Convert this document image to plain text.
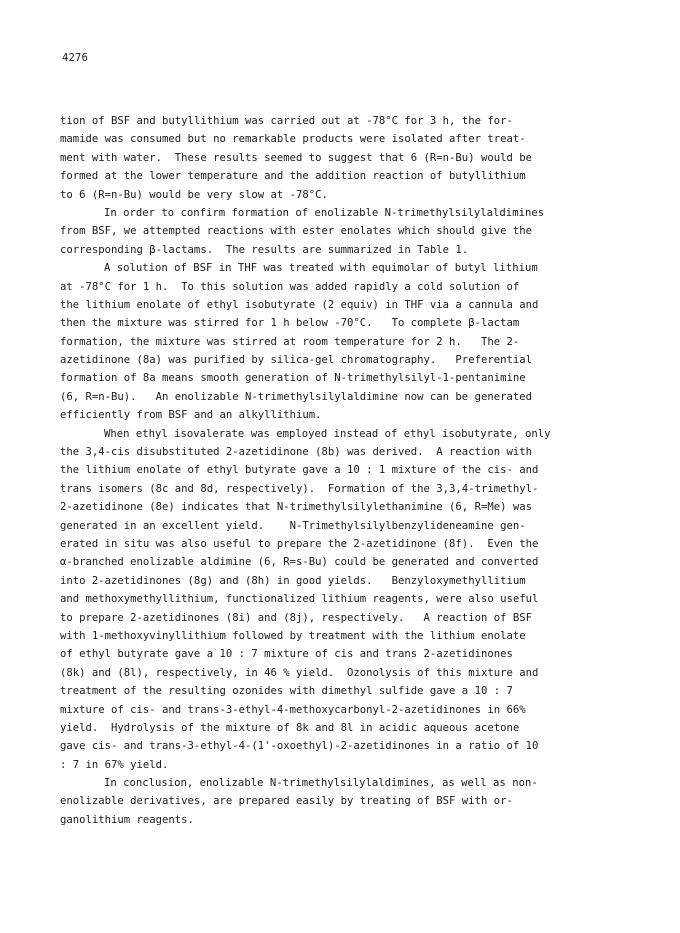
4276
tion of BSF and butyllithium was carried out at -78°C for 3 h, the for-
mamide was consumed but no remarkable products were isolated after treat-
ment with water.  These results seemed to suggest that 6 (R=n-Bu) would be
formed at the lower temperature and the addition reaction of butyllithium
to 6 (R=n-Bu) would be very slow at -78°C.
In order to confirm formation of enolizable N-trimethylsilylaldimines
from BSF, we attempted reactions with ester enolates which should give the
corresponding β-lactams.  The results are summarized in Table 1.
A solution of BSF in THF was treated with equimolar of butyl lithium
at -78°C for 1 h.  To this solution was added rapidly a cold solution of
the lithium enolate of ethyl isobutyrate (2 equiv) in THF via a cannula and
then the mixture was stirred for 1 h below -70°C.   To complete β-lactam
formation, the mixture was stirred at room temperature for 2 h.   The 2-
azetidinone (8a) was purified by silica-gel chromatography.   Preferential
formation of 8a means smooth generation of N-trimethylsilyl-1-pentanimine
(6, R=n-Bu).   An enolizable N-trimethylsilylaldimine now can be generated
efficiently from BSF and an alkyllithium.
When ethyl isovalerate was employed instead of ethyl isobutyrate, only
the 3,4-cis disubstituted 2-azetidinone (8b) was derived.  A reaction with
the lithium enolate of ethyl butyrate gave a 10 : 1 mixture of the cis- and
trans isomers (8c and 8d, respectively).  Formation of the 3,3,4-trimethyl-
2-azetidinone (8e) indicates that N-trimethylsilylethanimine (6, R=Me) was
generated in an excellent yield.    N-Trimethylsilylbenzylideneamine gen-
erated in situ was also useful to prepare the 2-azetidinone (8f).  Even the
α-branched enolizable aldimine (6, R=s-Bu) could be generated and converted
into 2-azetidinones (8g) and (8h) in good yields.   Benzyloxymethyllitium
and methoxymethyllithium, functionalized lithium reagents, were also useful
to prepare 2-azetidinones (8i) and (8j), respectively.   A reaction of BSF
with 1-methoxyvinyllithium followed by treatment with the lithium enolate
of ethyl butyrate gave a 10 : 7 mixture of cis and trans 2-azetidinones
(8k) and (8l), respectively, in 46 % yield.  Ozonolysis of this mixture and
treatment of the resulting ozonides with dimethyl sulfide gave a 10 : 7
mixture of cis- and trans-3-ethyl-4-methoxycarbonyl-2-azetidinones in 66%
yield.  Hydrolysis of the mixture of 8k and 8l in acidic aqueous acetone
gave cis- and trans-3-ethyl-4-(1'-oxoethyl)-2-azetidinones in a ratio of 10
: 7 in 67% yield.
In conclusion, enolizable N-trimethylsilylaldimines, as well as non-
enolizable derivatives, are prepared easily by treating of BSF with or-
ganolithium reagents.
